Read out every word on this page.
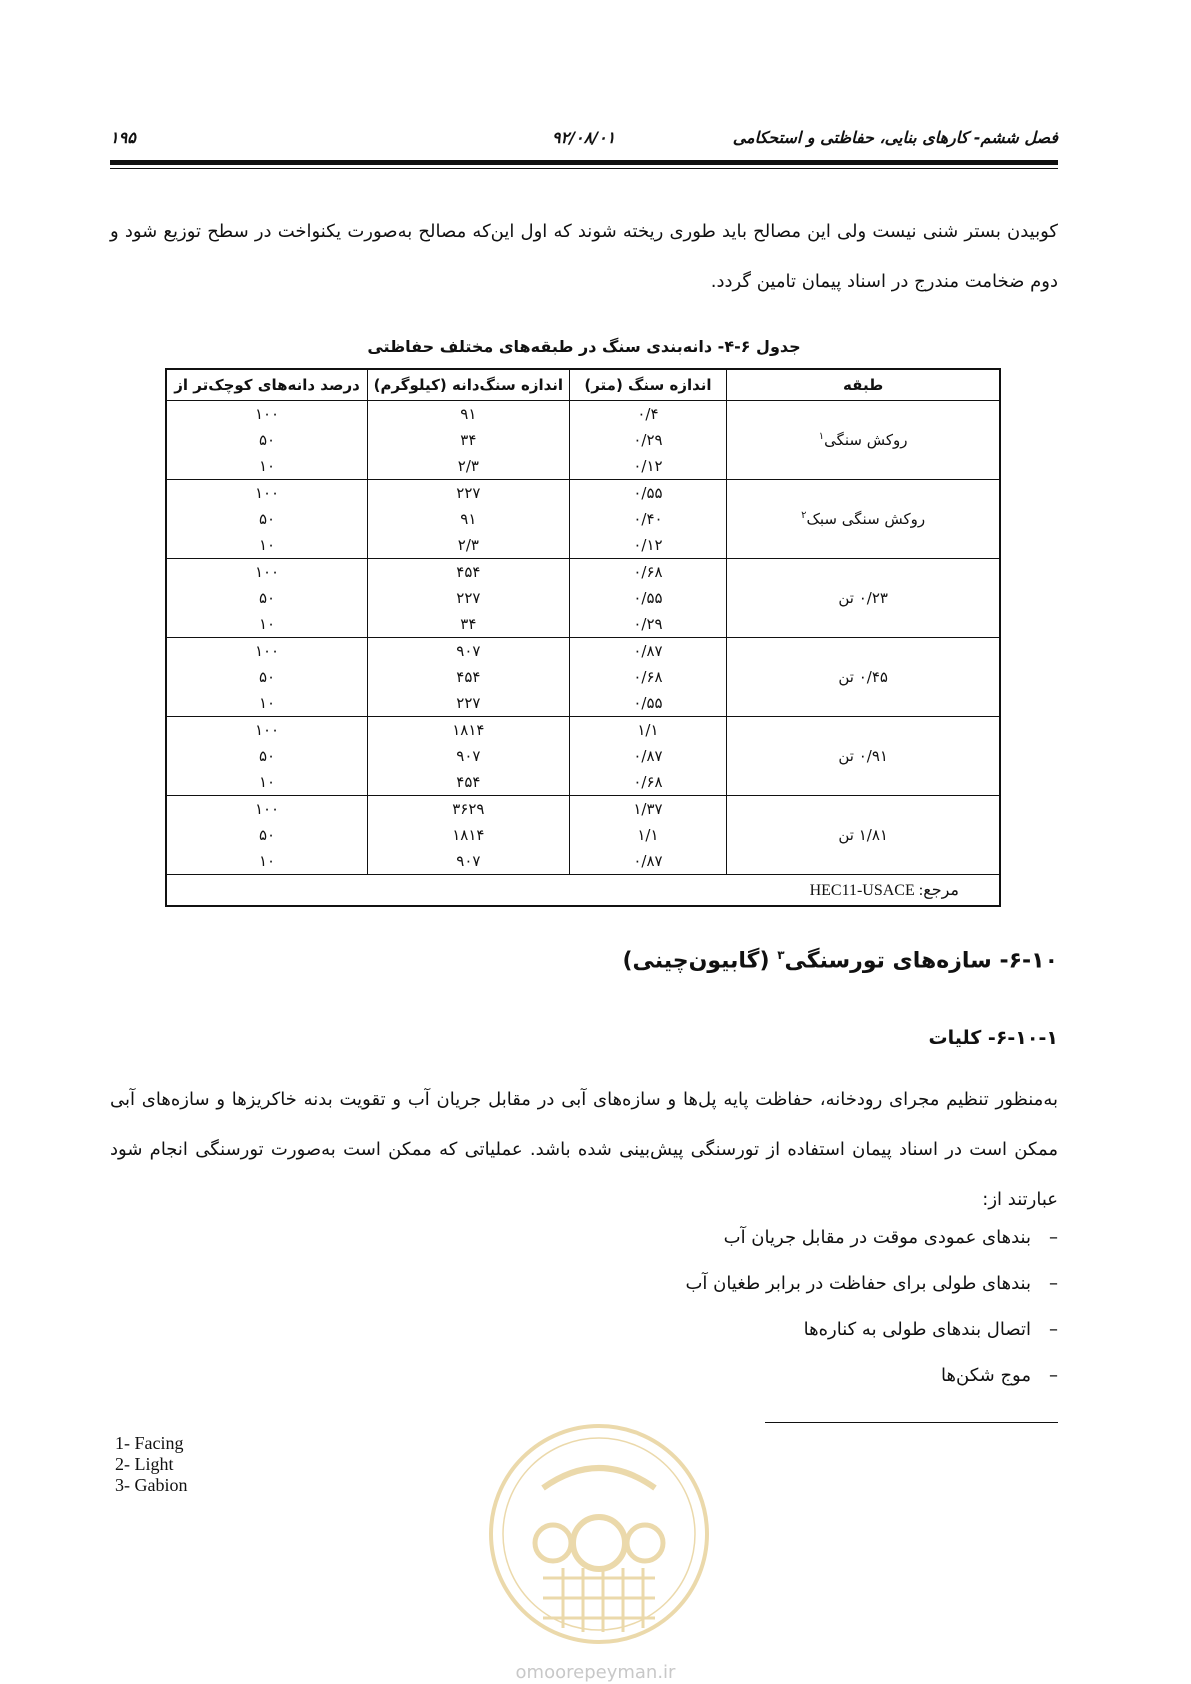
فصل ششم- کارهای بنایی، حفاظتی و استحکامی
۹۲/۰۸/۰۱
۱۹۵
کوبیدن بستر شنی نیست ولی این مصالح باید طوری ریخته شوند که اول این‌که مصالح به‌صورت یکنواخت در سطح توزیع شود و دوم ضخامت مندرج در اسناد پیمان تامین گردد.
جدول ۶-۴- دانه‌بندی سنگ در طبقه‌های مختلف حفاظتی
طبقه	اندازه سنگ (متر)	اندازه سنگ‌دانه (کیلوگرم)	درصد دانه‌های کوچک‌تر از
روکش سنگی$^۱$	۰/۴	۹۱	۱۰۰
	۰/۲۹	۳۴	۵۰
	۰/۱۲	۲/۳	۱۰
روکش سنگی سبک$^۲$	۰/۵۵	۲۲۷	۱۰۰
	۰/۴۰	۹۱	۵۰
	۰/۱۲	۲/۳	۱۰
۰/۲۳ تن	۰/۶۸	۴۵۴	۱۰۰
	۰/۵۵	۲۲۷	۵۰
	۰/۲۹	۳۴	۱۰
۰/۴۵ تن	۰/۸۷	۹۰۷	۱۰۰
	۰/۶۸	۴۵۴	۵۰
	۰/۵۵	۲۲۷	۱۰
۰/۹۱ تن	۱/۱	۱۸۱۴	۱۰۰
	۰/۸۷	۹۰۷	۵۰
	۰/۶۸	۴۵۴	۱۰
۱/۸۱ تن	۱/۳۷	۳۶۲۹	۱۰۰
	۱/۱	۱۸۱۴	۵۰
	۰/۸۷	۹۰۷	۱۰
مرجع: HEC11-USACE			
۶-۱۰- سازه‌های تورسنگی$^۳$ (گابیون‌چینی)
۶-۱۰-۱- کلیات
به‌منظور تنظیم مجرای رودخانه، حفاظت پایه پل‌ها و سازه‌های آبی در مقابل جریان آب و تقویت بدنه خاکریزها و سازه‌های آبی ممکن است در اسناد پیمان استفاده از تورسنگی پیش‌بینی شده باشد. عملیاتی که ممکن است به‌صورت تورسنگی انجام شود عبارتند از:
–بندهای عمودی موقت در مقابل جریان آب
–بندهای طولی برای حفاظت در برابر طغیان آب
–اتصال بندهای طولی به کناره‌ها
–موج شکن‌ها
1- Facing
2- Light
3- Gabion
omoorepeyman.ir
